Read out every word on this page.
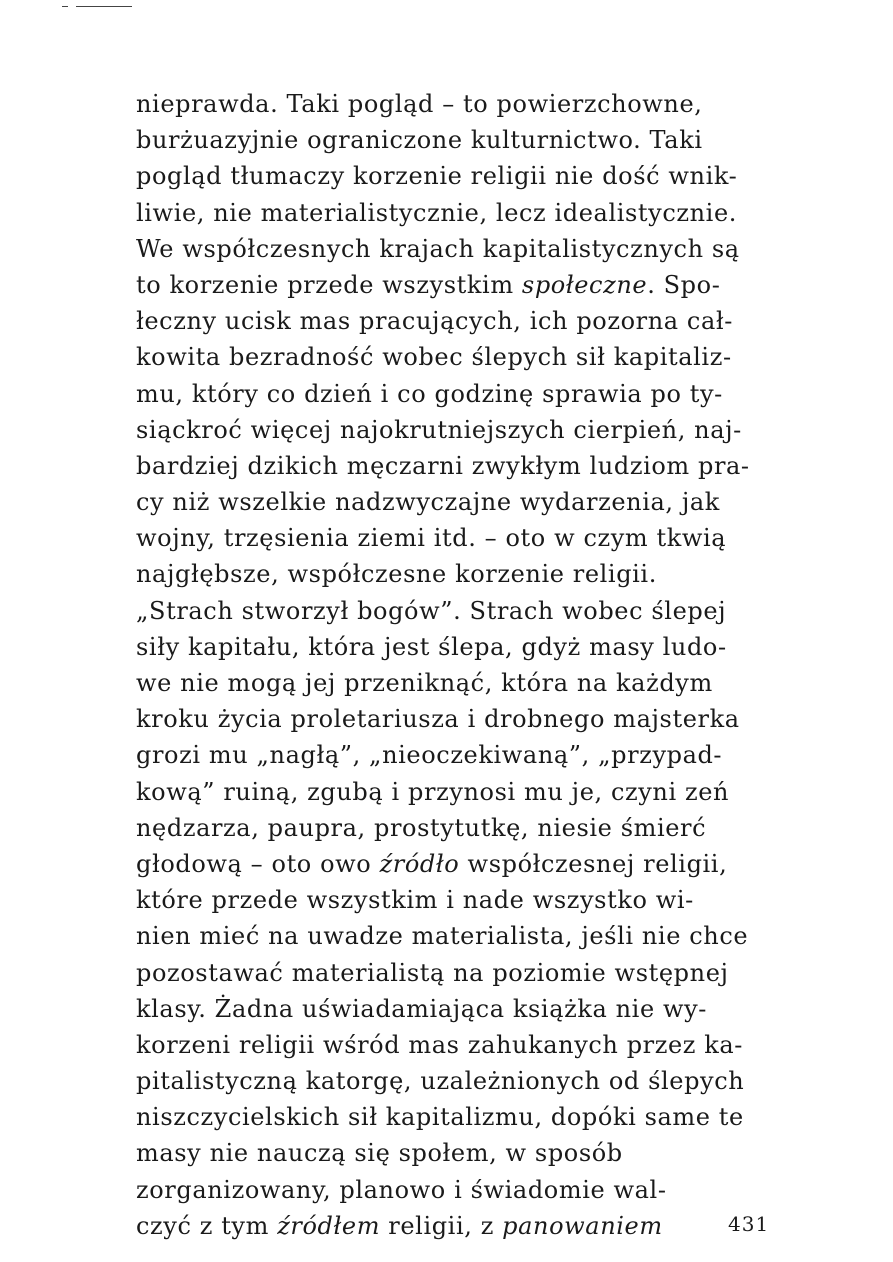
nieprawda. Taki pogląd – to powierzchowne,
burżuazyjnie ograniczone kulturnictwo. Taki
pogląd tłumaczy korzenie religii nie dość wnik-
liwie, nie materialistycznie, lecz idealistycznie.
We współczesnych krajach kapitalistycznych są
to korzenie przede wszystkim społeczne. Spo-
łeczny ucisk mas pracujących, ich pozorna cał-
kowita bezradność wobec ślepych sił kapitaliz-
mu, który co dzień i co godzinę sprawia po ty-
siąckroć więcej najokrutniejszych cierpień, naj-
bardziej dzikich męczarni zwykłym ludziom pra-
cy niż wszelkie nadzwyczajne wydarzenia, jak
wojny, trzęsienia ziemi itd. – oto w czym tkwią
najgłębsze, współczesne korzenie religii.
„Strach stworzył bogów”. Strach wobec ślepej
siły kapitału, która jest ślepa, gdyż masy ludo-
we nie mogą jej przeniknąć, która na każdym
kroku życia proletariusza i drobnego majsterka
grozi mu „nagłą”, „nieoczekiwaną”, „przypad-
kową” ruiną, zgubą i przynosi mu je, czyni zeń
nędzarza, paupra, prostytutkę, niesie śmierć
głodową – oto owo źródło współczesnej religii,
które przede wszystkim i nade wszystko wi-
nien mieć na uwadze materialista, jeśli nie chce
pozostawać materialistą na poziomie wstępnej
klasy. Żadna uświadamiająca książka nie wy-
korzeni religii wśród mas zahukanych przez ka-
pitalistyczną katorgę, uzależnionych od ślepych
niszczycielskich sił kapitalizmu, dopóki same te
masy nie nauczą się społem, w sposób
zorganizowany, planowo i świadomie wal-
czyć z tym źródłem religii, z panowaniem	431
